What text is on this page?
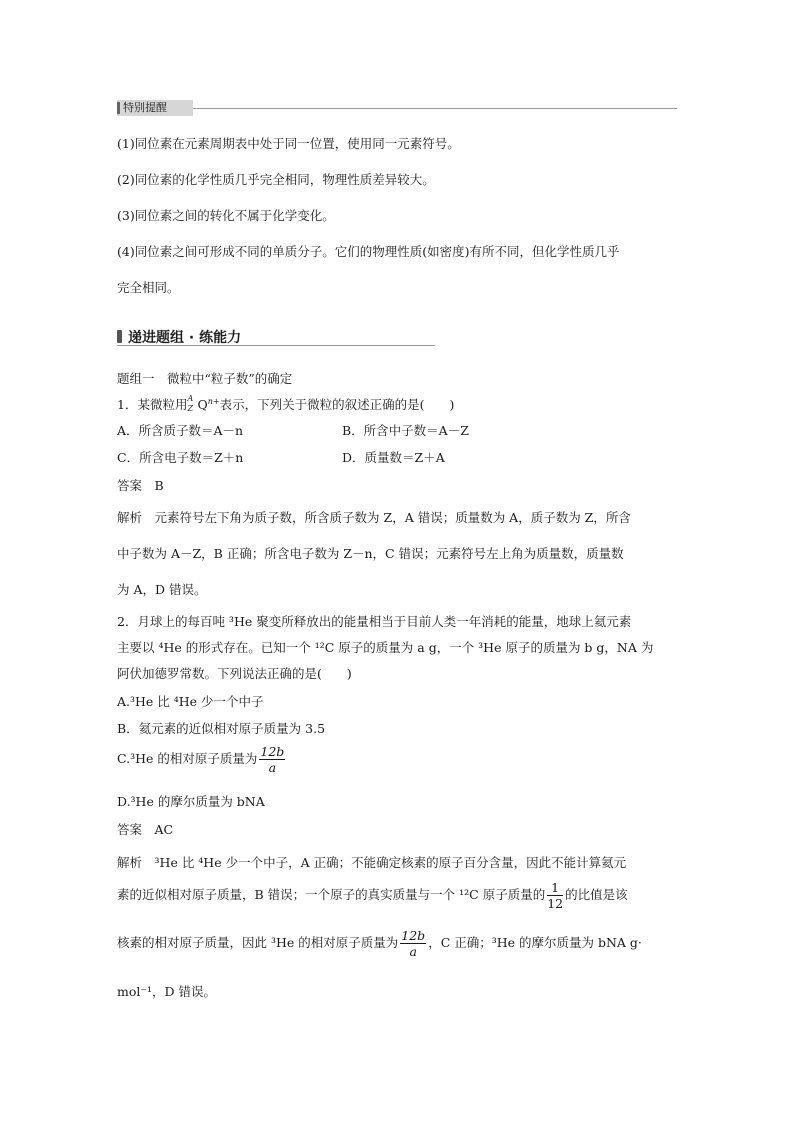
特别提醒
(1)同位素在元素周期表中处于同一位置，使用同一元素符号。
(2)同位素的化学性质几乎完全相同，物理性质差异较大。
(3)同位素之间的转化不属于化学变化。
(4)同位素之间可形成不同的单质分子。它们的物理性质(如密度)有所不同，但化学性质几乎
完全相同。
递进题组 · 练能力
题组一　微粒中“粒子数”的确定
1．某微粒用 A
Z $Q^{n+}$表示，下列关于微粒的叙述正确的是(　　)
A．所含质子数＝A－n	B．所含中子数＝A－Z
C．所含电子数＝Z＋n	D．质量数＝Z＋A
答案　 B
解析　 元素符号左下角为质子数，所含质子数为 Z，A 错误；质量数为 A，质子数为 Z，所含
中子数为 A－Z，B 正确；所含电子数为 Z－n，C 错误；元素符号左上角为质量数，质量数
为 A，D 错误。
2．月球上的每百吨 ³He 聚变所释放出的能量相当于目前人类一年消耗的能量，地球上氦元素
主要以 ⁴He 的形式存在。已知一个 ¹²C 原子的质量为 a g，一个 ³He 原子的质量为 b g，NA 为
阿伏加德罗常数。下列说法正确的是(　　)
A.³He 比 ⁴He 少一个中子
B．氦元素的近似相对原子质量为 3.5
C.³He 的相对原子质量为 $\frac{12b}{a}$
D.³He 的摩尔质量为 bNA
答案　 AC
解析　 ³He 比 ⁴He 少一个中子，A 正确；不能确定核素的原子百分含量，因此不能计算氦元
素的近似相对原子质量，B 错误；一个原子的真实质量与一个 ¹²C 原子质量的 $\frac{1}{12}$ 的比值是该
核素的相对原子质量，因此 ³He 的相对原子质量为 $\frac{12b}{a}$ ，C 正确；³He 的摩尔质量为 bNA g·
mol⁻¹，D 错误。
